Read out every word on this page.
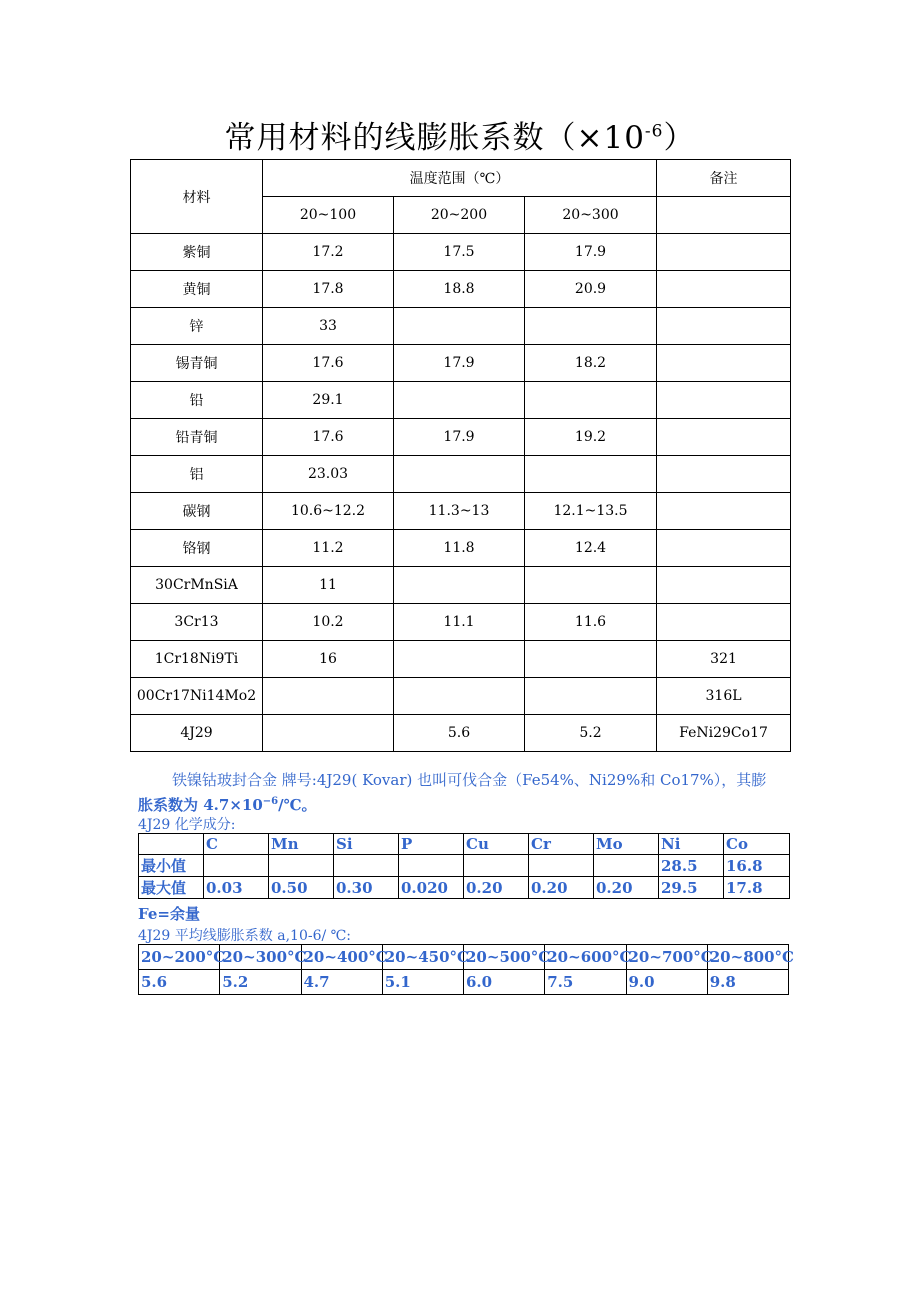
常用材料的线膨胀系数$(\times 10^{-6})$
材料	温度范围（℃）			备注
	20~100	20~200	20~300	
紫铜	17.2	17.5	17.9	
黄铜	17.8	18.8	20.9	
锌	33			
锡青铜	17.6	17.9	18.2	
铅	29.1			
铅青铜	17.6	17.9	19.2	
铝	23.03			
碳钢	10.6~12.2	11.3~13	12.1~13.5	
铬钢	11.2	11.8	12.4	
30CrMnSiA	11			
3Cr13	10.2	11.1	11.6	
1Cr18Ni9Ti	16			321
00Cr17Ni14Mo2				316L
4J29		5.6	5.2	FeNi29Co17
铁镍钴玻封合金 牌号:4J29( Kovar) 也叫可伐合金（Fe54%、Ni29%和 Co17%），其膨
胀系数为 $4.7\times 10^{-6}/℃$。
4J29 化学成分:
	C	Mn	Si	P	Cu	Cr	Mo	Ni	Co
最小值								28.5	16.8
最大值	0.03	0.50	0.30	0.020	0.20	0.20	0.20	29.5	17.8
Fe=余量
4J29 平均线膨胀系数 a,10-6/ ℃:
20~200°C	20~300°C	20~400°C	20~450°C	20~500°C	20~600°C	20~700°C	20~800°C
5.6	5.2	4.7	5.1	6.0	7.5	9.0	9.8
